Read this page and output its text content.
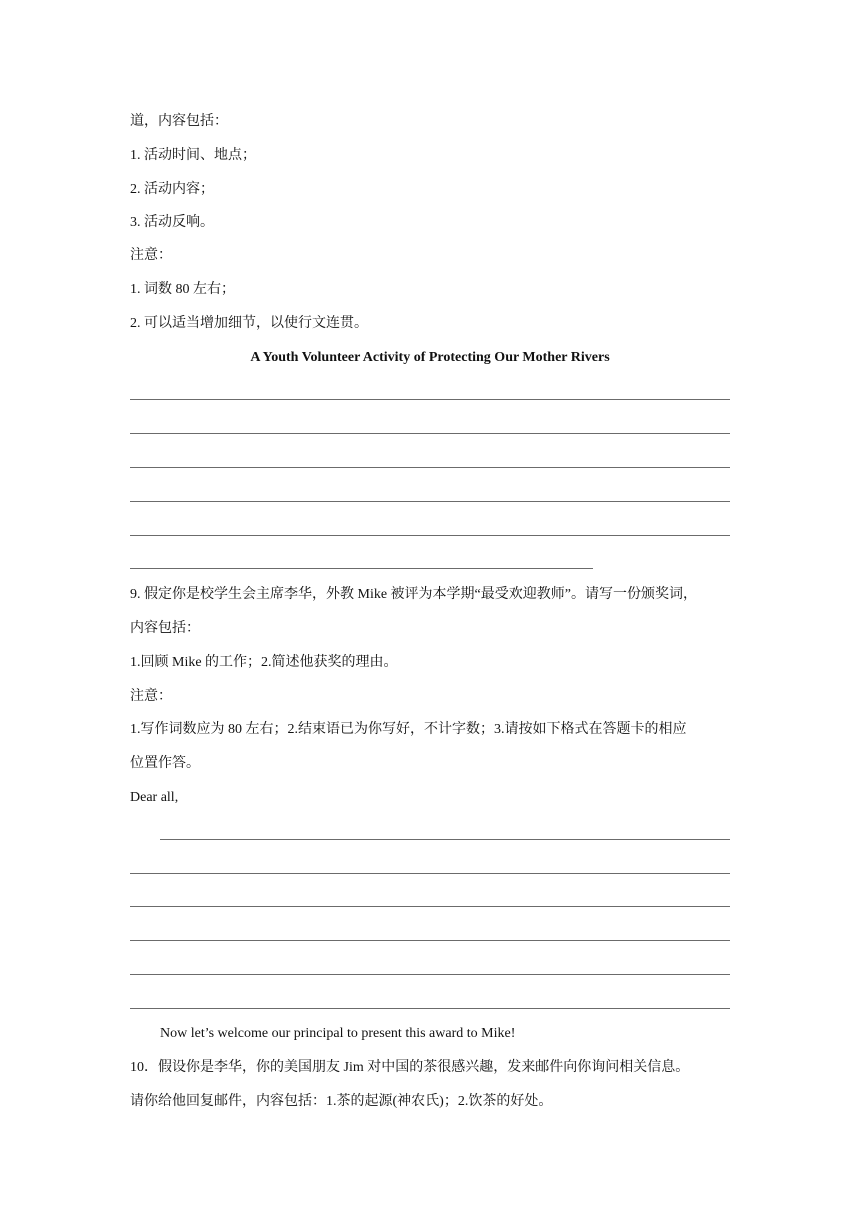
道，内容包括：
1. 活动时间、地点；
2. 活动内容；
3. 活动反响。
注意：
1. 词数 80 左右；
2. 可以适当增加细节，以使行文连贯。
A Youth Volunteer Activity of Protecting Our Mother Rivers
9. 假定你是校学生会主席李华，外教 Mike 被评为本学期“最受欢迎教师”。请写一份颁奖词，
内容包括：
1.回顾 Mike 的工作；2.简述他获奖的理由。
注意：
1.写作词数应为 80 左右；2.结束语已为你写好，不计字数；3.请按如下格式在答题卡的相应
位置作答。
Dear all,
Now let’s welcome our principal to present this award to Mike!
10．假设你是李华，你的美国朋友 Jim 对中国的茶很感兴趣，发来邮件向你询问相关信息。
请你给他回复邮件，内容包括：1.茶的起源(神农氏)；2.饮茶的好处。
